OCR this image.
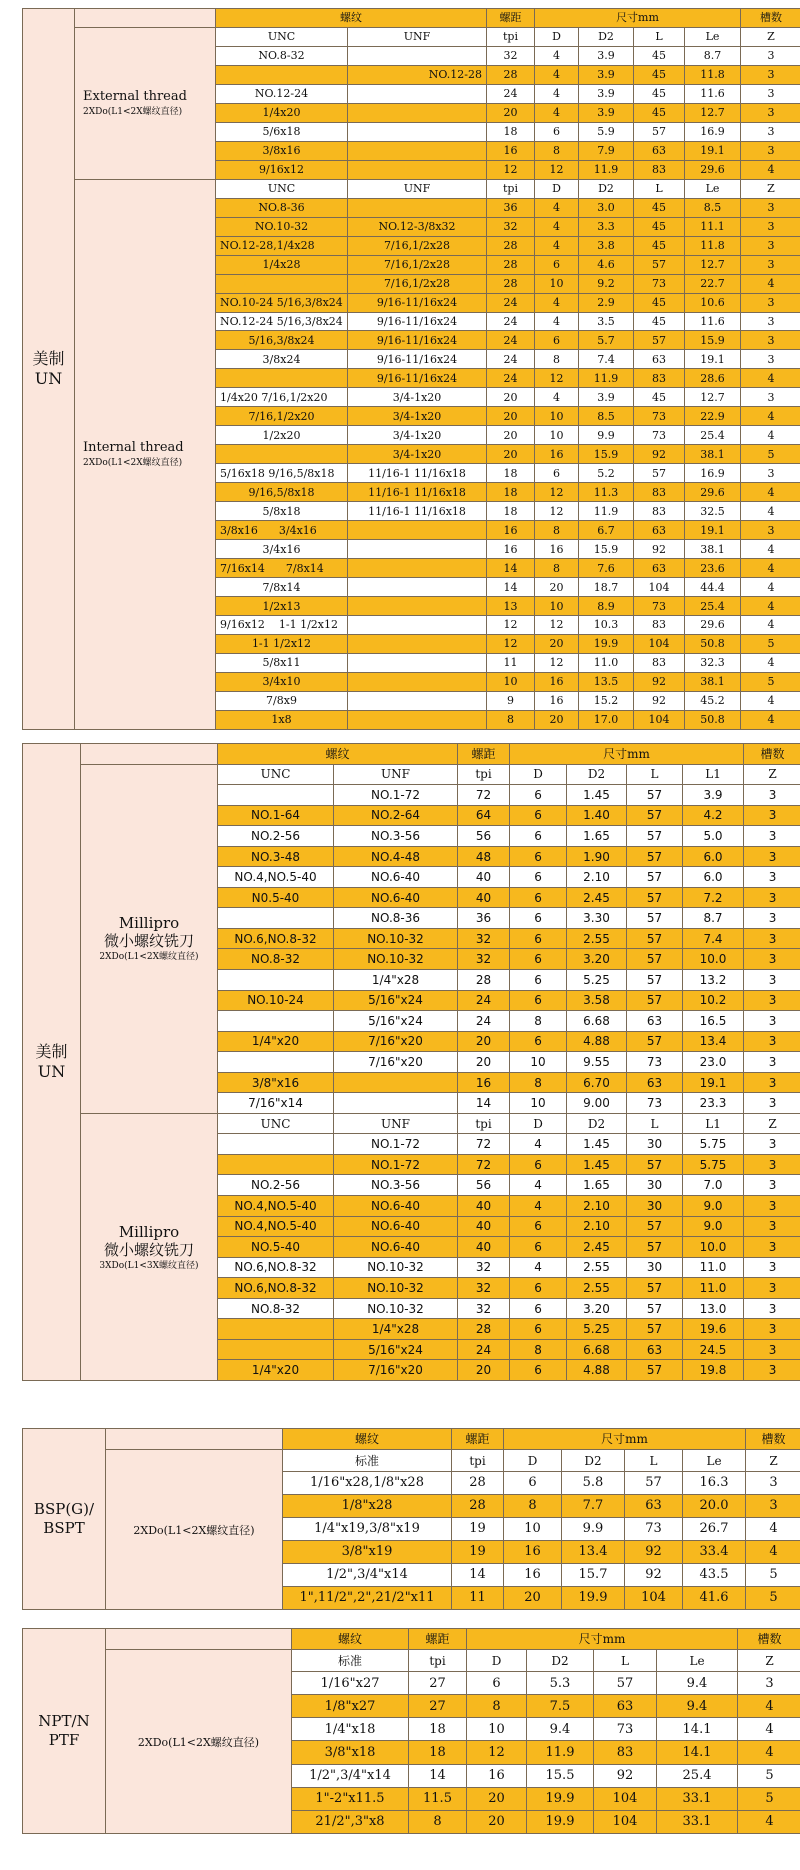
美制
UN		螺纹		螺距	尺寸mm				槽数

	External thread
2XDo(L1<2X螺纹直径)	UNC	UNF	tpi	D	D2	L	Le	Z
		NO.8-32		32	4	3.9	45	8.7	3
			NO.12-28	28	4	3.9	45	11.8	3
		NO.12-24		24	4	3.9	45	11.6	3
		1/4x20		20	4	3.9	45	12.7	3
		5/6x18		18	6	5.9	57	16.9	3
		3/8x16		16	8	7.9	63	19.1	3
		9/16x12		12	12	11.9	83	29.6	4

	Internal thread
2XDo(L1<2X螺纹直径)	UNC	UNF	tpi	D	D2	L	Le	Z
		NO.8-36		36	4	3.0	45	8.5	3
		NO.10-32	NO.12-3/8x32	32	4	3.3	45	11.1	3
		NO.12-28,1/4x28	7/16,1/2x28	28	4	3.8	45	11.8	3
		1/4x28	7/16,1/2x28	28	6	4.6	57	12.7	3
			7/16,1/2x28	28	10	9.2	73	22.7	4
		NO.10-24 5/16,3/8x24	9/16-11/16x24	24	4	2.9	45	10.6	3
		NO.12-24 5/16,3/8x24	9/16-11/16x24	24	4	3.5	45	11.6	3
		5/16,3/8x24	9/16-11/16x24	24	6	5.7	57	15.9	3
		3/8x24	9/16-11/16x24	24	8	7.4	63	19.1	3
			9/16-11/16x24	24	12	11.9	83	28.6	4
		1/4x20 7/16,1/2x20	3/4-1x20	20	4	3.9	45	12.7	3
		7/16,1/2x20	3/4-1x20	20	10	8.5	73	22.9	4
		1/2x20	3/4-1x20	20	10	9.9	73	25.4	4
			3/4-1x20	20	16	15.9	92	38.1	5
		5/16x18 9/16,5/8x18	11/16-1 11/16x18	18	6	5.2	57	16.9	3
		9/16,5/8x18	11/16-1 11/16x18	18	12	11.3	83	29.6	4
		5/8x18	11/16-1 11/16x18	18	12	11.9	83	32.5	4
		3/8x16      3/4x16		16	8	6.7	63	19.1	3
		3/4x16		16	16	15.9	92	38.1	4
		7/16x14      7/8x14		14	8	7.6	63	23.6	4
		7/8x14		14	20	18.7	104	44.4	4
		1/2x13		13	10	8.9	73	25.4	4
		9/16x12    1-1 1/2x12		12	12	10.3	83	29.6	4
		1-1 1/2x12		12	20	19.9	104	50.8	5
		5/8x11		11	12	11.0	83	32.3	4
		3/4x10		10	16	13.5	92	38.1	5
		7/8x9		9	16	15.2	92	45.2	4
		1x8		8	20	17.0	104	50.8	4
美制
UN		螺纹		螺距	尺寸mm				槽数

	Millipro
微小螺纹铣刀
2XDo(L1<2X螺纹直径)	UNC	UNF	tpi	D	D2	L	L1	Z
			NO.1-72	72	6	1.45	57	3.9	3
		NO.1-64	NO.2-64	64	6	1.40	57	4.2	3
		NO.2-56	NO.3-56	56	6	1.65	57	5.0	3
		NO.3-48	NO.4-48	48	6	1.90	57	6.0	3
		NO.4,NO.5-40	NO.6-40	40	6	2.10	57	6.0	3
		N0.5-40	NO.6-40	40	6	2.45	57	7.2	3
			NO.8-36	36	6	3.30	57	8.7	3
		NO.6,NO.8-32	NO.10-32	32	6	2.55	57	7.4	3
		NO.8-32	NO.10-32	32	6	3.20	57	10.0	3
			1/4"x28	28	6	5.25	57	13.2	3
		NO.10-24	5/16"x24	24	6	3.58	57	10.2	3
			5/16"x24	24	8	6.68	63	16.5	3
		1/4"x20	7/16"x20	20	6	4.88	57	13.4	3
			7/16"x20	20	10	9.55	73	23.0	3
		3/8"x16		16	8	6.70	63	19.1	3
		7/16"x14		14	10	9.00	73	23.3	3

	Millipro
微小螺纹铣刀
3XDo(L1<3X螺纹直径)	UNC	UNF	tpi	D	D2	L	L1	Z
			NO.1-72	72	4	1.45	30	5.75	3
			NO.1-72	72	6	1.45	57	5.75	3
		NO.2-56	NO.3-56	56	4	1.65	30	7.0	3
		NO.4,NO.5-40	NO.6-40	40	4	2.10	30	9.0	3
		NO.4,NO.5-40	NO.6-40	40	6	2.10	57	9.0	3
		NO.5-40	NO.6-40	40	6	2.45	57	10.0	3
		NO.6,NO.8-32	NO.10-32	32	4	2.55	30	11.0	3
		NO.6,NO.8-32	NO.10-32	32	6	2.55	57	11.0	3
		NO.8-32	NO.10-32	32	6	3.20	57	13.0	3
			1/4"x28	28	6	5.25	57	19.6	3
			5/16"x24	24	8	6.68	63	24.5	3
		1/4"x20	7/16"x20	20	6	4.88	57	19.8	3
BSP(G)/
BSPT		螺纹	螺距	尺寸mm				槽数

	2XDo(L1<2X螺纹直径)	标准	tpi	D	D2	L	Le	Z
		1/16"x28,1/8"x28	28	6	5.8	57	16.3	3
		1/8"x28	28	8	7.7	63	20.0	3
		1/4"x19,3/8"x19	19	10	9.9	73	26.7	4
		3/8"x19	19	16	13.4	92	33.4	4
		1/2",3/4"x14	14	16	15.7	92	43.5	5
		1",11/2",2",21/2"x11	11	20	19.9	104	41.6	5
NPT/N
PTF		螺纹	螺距	尺寸mm				槽数

	2XDo(L1<2X螺纹直径)	标准	tpi	D	D2	L	Le	Z
		1/16"x27	27	6	5.3	57	9.4	3
		1/8"x27	27	8	7.5	63	9.4	4
		1/4"x18	18	10	9.4	73	14.1	4
		3/8"x18	18	12	11.9	83	14.1	4
		1/2",3/4"x14	14	16	15.5	92	25.4	5
		1"-2"x11.5	11.5	20	19.9	104	33.1	5
		21/2",3"x8	8	20	19.9	104	33.1	4
